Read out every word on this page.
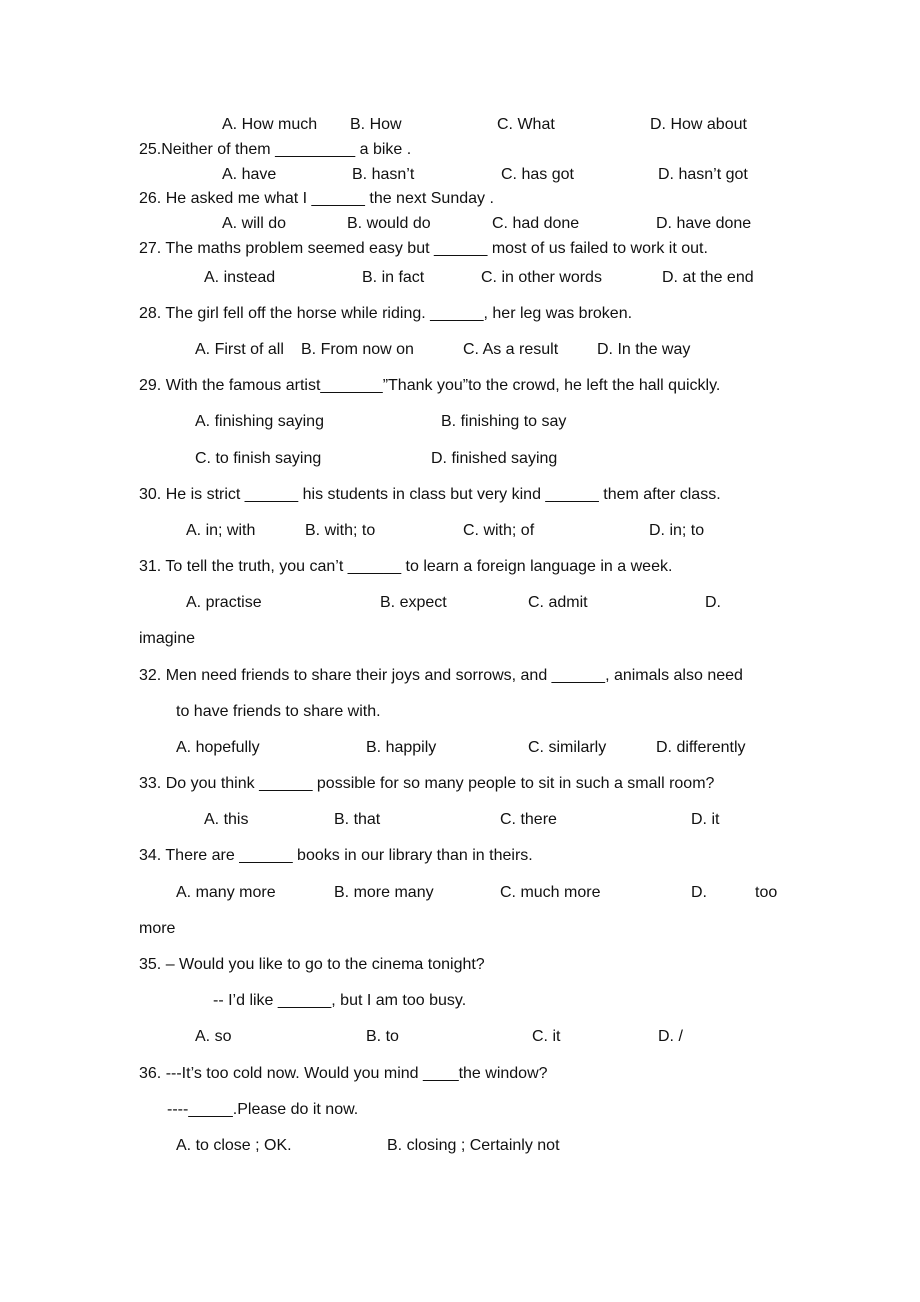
A. How much B. How	C. What	D. How about
25.Neither of them _________ a bike .
A. have	B. hasn’t	C. has got	D. hasn’t got
26. He asked me what I ______ the next Sunday .
A. will do	B. would do	C. had done	D. have done
27. The maths problem seemed easy but ______ most of us failed to work it out.
A. instead	B. in fact	C. in other words	D. at the end
28. The girl fell off the horse while riding. ______, her leg was broken.
A. First of all B. From now on	C. As a result D. In the way
29. With the famous artist_______”Thank you”to the crowd, he left the hall quickly.
A. finishing saying	B. finishing to say
C. to finish saying	D. finished saying
30. He is strict ______ his students in class but very kind ______ them after class.
A. in; with	B. with; to	C. with; of	D. in; to
31. To tell the truth, you can’t ______ to learn a foreign language in a week.
A. practise	B. expect	C. admit	D.
imagine
32. Men need friends to share their joys and sorrows, and ______, animals also need
to have friends to share with.
A. hopefully	B. happily	C. similarly	D. differently
33. Do you think ______ possible for so many people to sit in such a small room?
A. this	B. that	C. there	D. it
34. There are ______ books in our library than in theirs.
A. many more	B. more many	C. much more	D.	too
more
35. – Would you like to go to the cinema tonight?
-- I’d like ______, but I am too busy.
A. so	B. to	C. it	D. /
36. ---It’s too cold now. Would you mind ____the window?
----_____.Please do it now.
A. to close ; OK.	B. closing ; Certainly not
